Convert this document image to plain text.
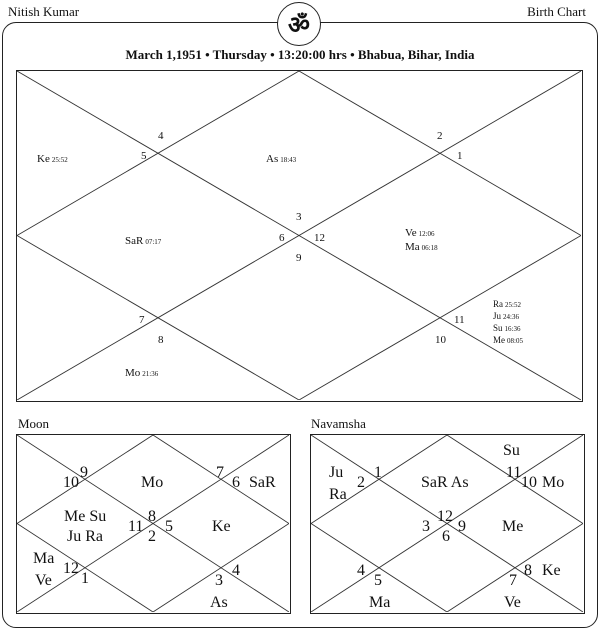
Nitish Kumar	Birth Chart
ॐ
March 1,1951 • Thursday • 13:20:00 hrs • Bhabua, Bihar, India
4
5
2
1
3
6	12
9
7
8
11
10
Ke 25:52	As 18:43
SaR 07:17
Ve 12:06
Ma 06:18
Mo 21:36
Ra 25:52
Ju 24:36
Su 16:36
Me 08:05
Moon
9
10
7
6
11
8
2
5
12
1	4
3
Mo	SaR
Me Su
Ju Ra
Ke
Ma
Ve
As
Navamsha
2
1	11
10
12
3 9
6
4
5	7
8
Ju
Ra
SaR As
Su
Mo
Me
Ma
Ke
Ve
